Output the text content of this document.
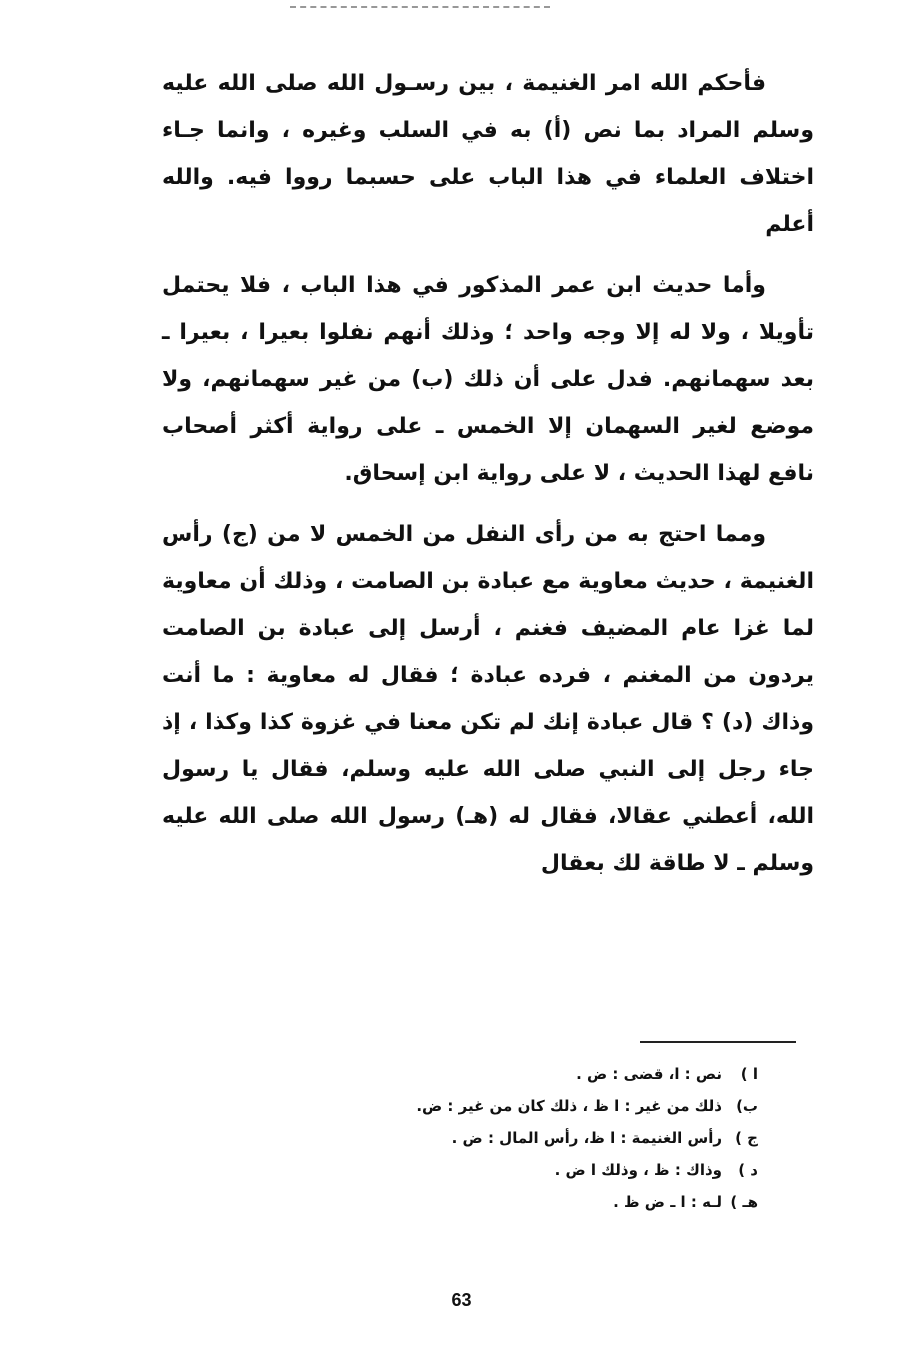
فأحكم الله امر الغنيمة ، بين رسـول الله صلى الله عليه وسلم المراد بما نص (أ) به في السلب وغيره ، وانما جـاء اختلاف العلماء في هذا الباب على حسبما رووا فيه. والله أعلم

وأما حديث ابن عمر المذكور في هذا الباب ، فلا يحتمل تأويلا ، ولا له إلا وجه واحد ؛ وذلك أنهم نفلوا بعيرا ، بعيرا ـ بعد سهمانهم. فدل على أن ذلك (ب) من غير سهمانهم، ولا موضع لغير السهمان إلا الخمس ـ على رواية أكثر أصحاب نافع لهذا الحديث ، لا على رواية ابن إسحاق.

ومما احتج به من رأى النفل من الخمس لا من (ج) رأس الغنيمة ، حديث معاوية مع عبادة بن الصامت ، وذلك أن معاوية لما غزا عام المضيف فغنم ، أرسل إلى عبادة بن الصامت يردون من المغنم ، فرده عبادة ؛ فقال له معاوية : ما أنت وذاك (د) ؟ قال عبادة إنك لم تكن معنا في غزوة كذا وكذا ، إذ جاء رجل إلى النبي صلى الله عليه وسلم، فقال يا رسول الله، أعطني عقالا، فقال له (هـ) رسول الله صلى الله عليه وسلم ـ لا طاقة لك بعقال

ا )
نص : ا، قضى : ض .
ب)
ذلك من غير : ا ظ ، ذلك كان من غير : ض.
ج )
رأس الغنيمة : ا ظ، رأس المال : ض .
د )
وذاك : ظ ، وذلك ا ض .
هـ )
لـه : ا ـ ض ظ .
63
